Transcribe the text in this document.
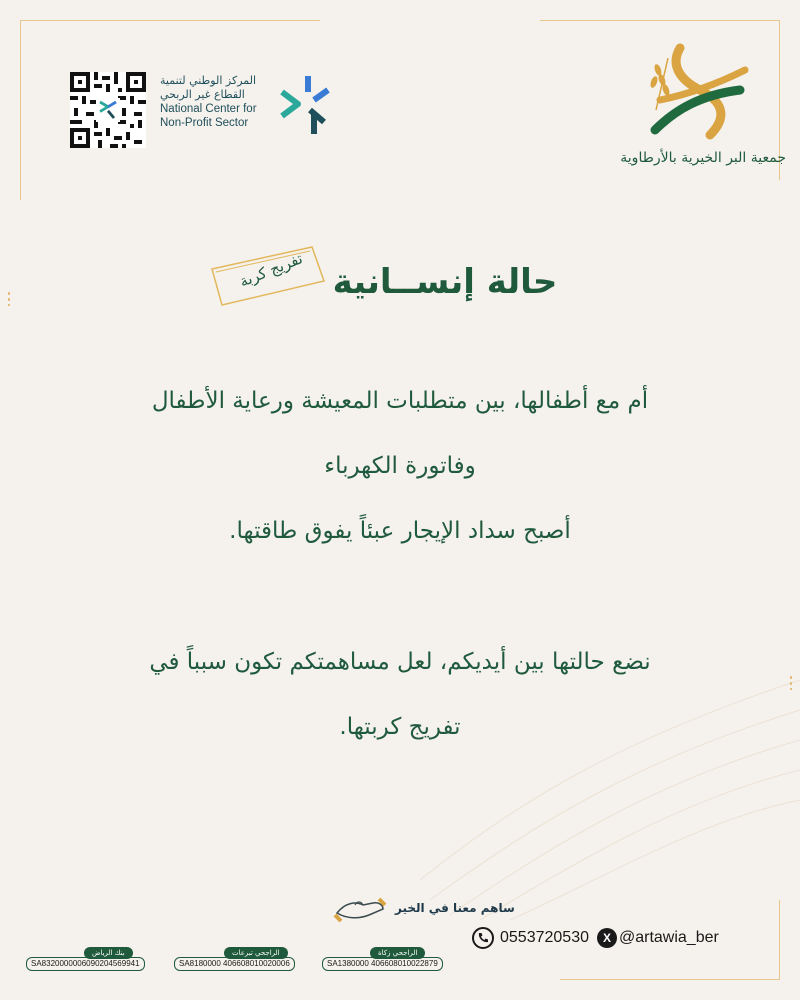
المركز الوطني لتنمية
القطاع غير الربحي
National Center for
Non-Profit Sector
جمعية البر الخيرية بالأرطاوية
تفريج كربة حالة إنســانية
أم مع أطفالها، بين متطلبات المعيشة ورعاية الأطفال
وفاتورة الكهرباء
أصبح سداد الإيجار عبئاً يفوق طاقتها.
نضع حالتها بين أيديكم، لعل مساهمتكم تكون سبباً في
تفريج كربتها.
ساهم معنا في الخير
0553720530	X @artawia_ber
SA8320000006090204569941
بنك الرياض
SA8180000 406608010020006
الراجحي تبرعات
SA1380000 406608010022879
الراجحي زكاة
